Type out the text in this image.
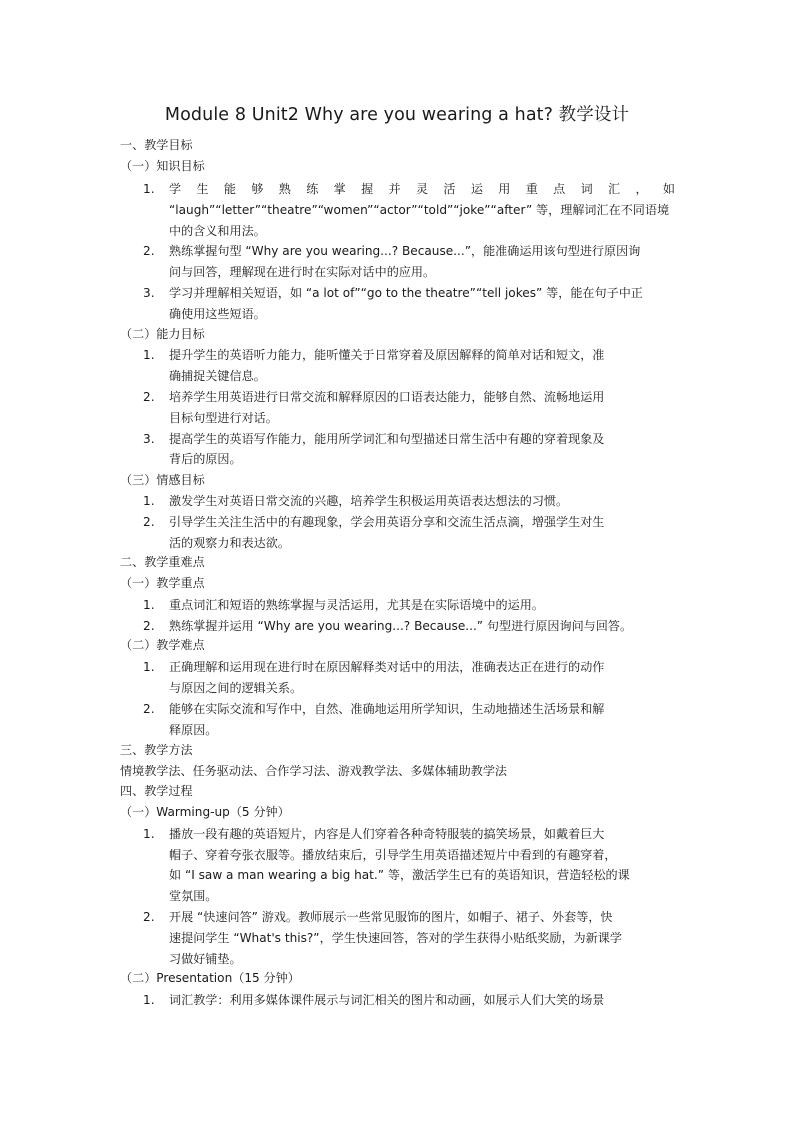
Module 8 Unit2 Why are you wearing a hat? 教学设计
一、教学目标
（一）知识目标
1.	学 生 能 够 熟 练 掌 握 并 灵 活 运 用 重 点 词 汇 ， 如
“laugh”“letter”“theatre”“women”“actor”“told”“joke”“after” 等，理解词汇在不同语境
中的含义和用法。
2.	熟练掌握句型 “Why are you wearing...? Because...”，能准确运用该句型进行原因询
问与回答，理解现在进行时在实际对话中的应用。
3.	学习并理解相关短语，如 “a lot of”“go to the theatre”“tell jokes” 等，能在句子中正
确使用这些短语。
（二）能力目标
1.	提升学生的英语听力能力，能听懂关于日常穿着及原因解释的简单对话和短文，准
确捕捉关键信息。
2.	培养学生用英语进行日常交流和解释原因的口语表达能力，能够自然、流畅地运用
目标句型进行对话。
3.	提高学生的英语写作能力，能用所学词汇和句型描述日常生活中有趣的穿着现象及
背后的原因。
（三）情感目标
1.	激发学生对英语日常交流的兴趣，培养学生积极运用英语表达想法的习惯。
2.	引导学生关注生活中的有趣现象，学会用英语分享和交流生活点滴，增强学生对生
活的观察力和表达欲。
二、教学重难点
（一）教学重点
1.	重点词汇和短语的熟练掌握与灵活运用，尤其是在实际语境中的运用。
2.	熟练掌握并运用 “Why are you wearing...? Because...” 句型进行原因询问与回答。
（二）教学难点
1.	正确理解和运用现在进行时在原因解释类对话中的用法，准确表达正在进行的动作
与原因之间的逻辑关系。
2.	能够在实际交流和写作中，自然、准确地运用所学知识，生动地描述生活场景和解
释原因。
三、教学方法
情境教学法、任务驱动法、合作学习法、游戏教学法、多媒体辅助教学法
四、教学过程
（一）Warming-up（5 分钟）
1.	播放一段有趣的英语短片，内容是人们穿着各种奇特服装的搞笑场景，如戴着巨大
帽子、穿着夸张衣服等。播放结束后，引导学生用英语描述短片中看到的有趣穿着，
如 “I saw a man wearing a big hat.” 等，激活学生已有的英语知识，营造轻松的课
堂氛围。
2.	开展 “快速问答” 游戏。教师展示一些常见服饰的图片，如帽子、裙子、外套等，快
速提问学生 “What's this?”，学生快速回答，答对的学生获得小贴纸奖励，为新课学
习做好铺垫。
（二）Presentation（15 分钟）
1.	词汇教学：利用多媒体课件展示与词汇相关的图片和动画，如展示人们大笑的场景
